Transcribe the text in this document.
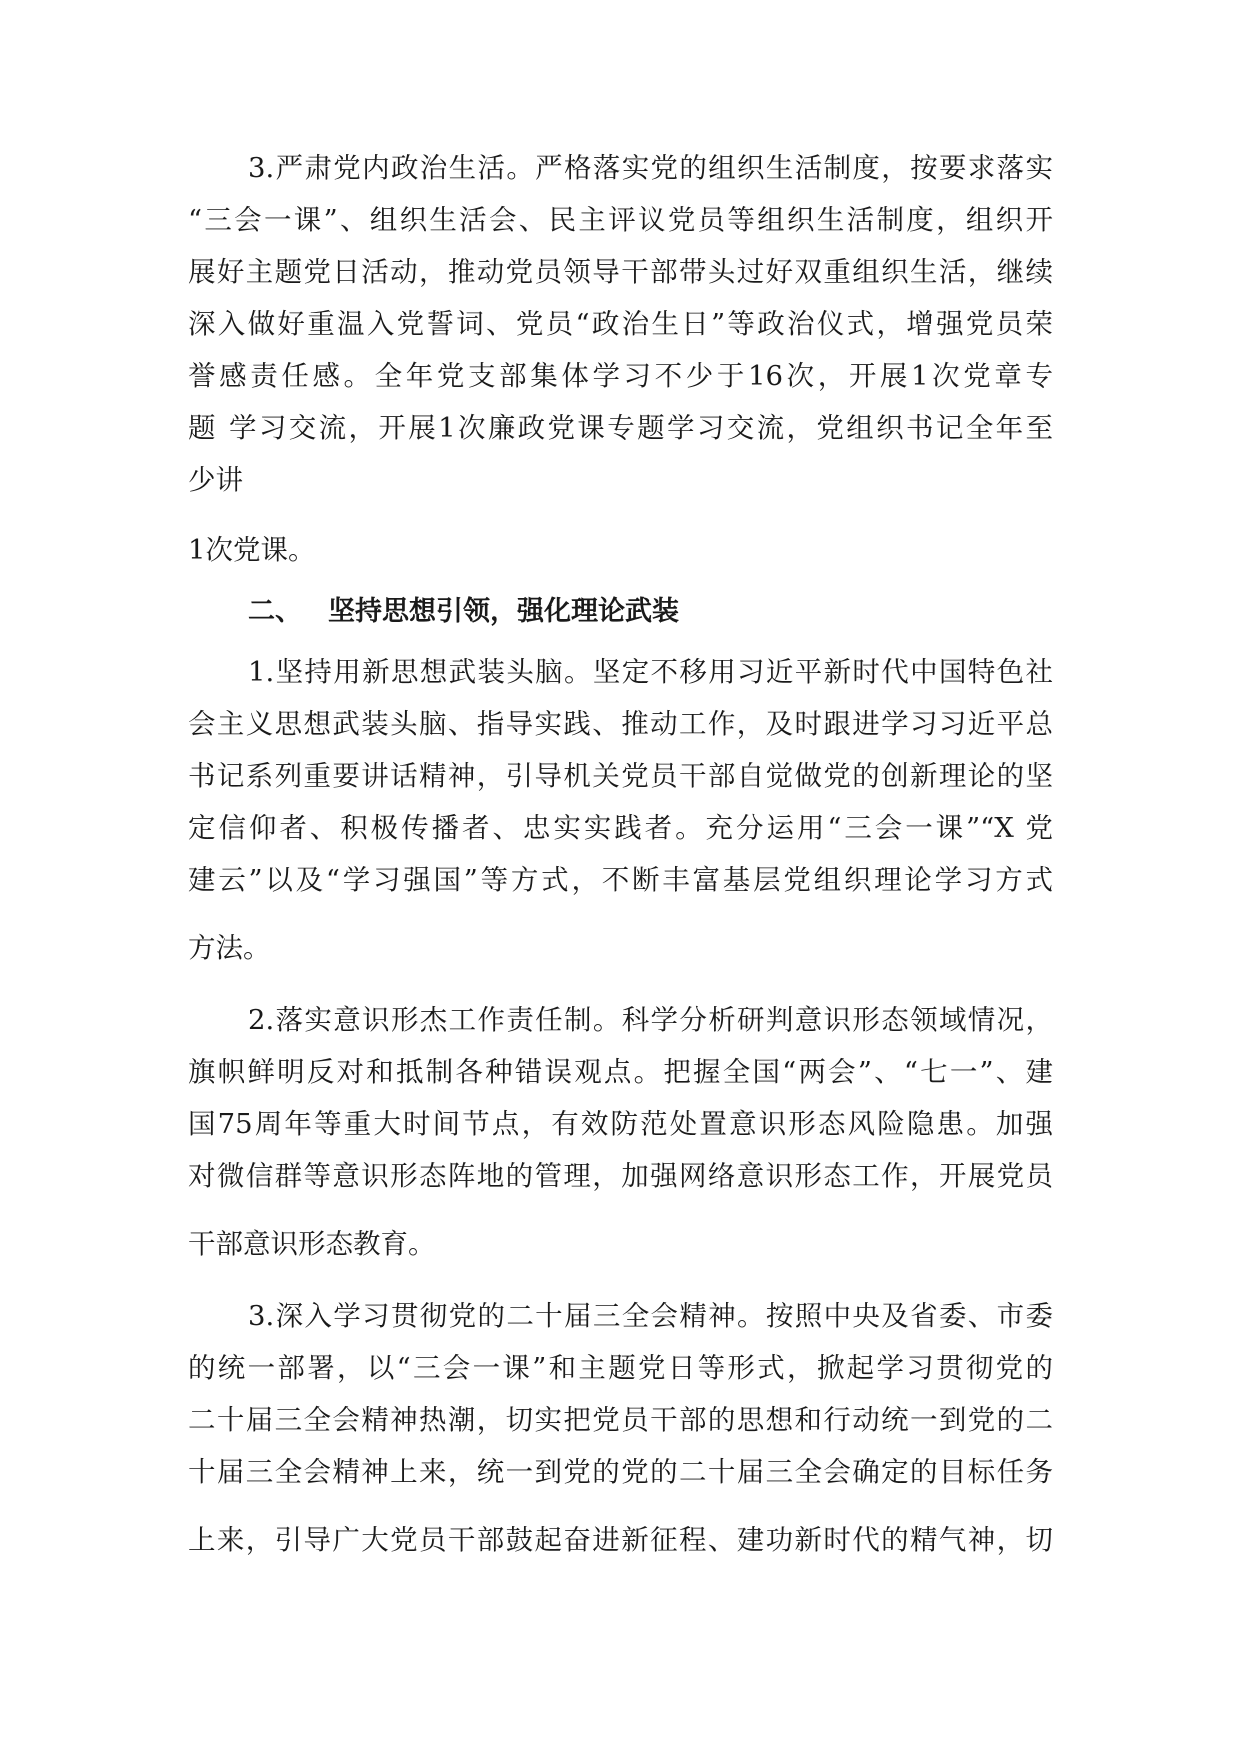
3.严肃党内政治生活。严格落实党的组织生活制度，按要求落实
“三会一课”、组织生活会、民主评议党员等组织生活制度，组织开
展好主题党日活动，推动党员领导干部带头过好双重组织生活，继续
深入做好重温入党誓词、党员“政治生日”等政治仪式，增强党员荣
誉感责任感。全年党支部集体学习不少于16次，开展1次党章专
题 学习交流，开展1次廉政党课专题学习交流，党组织书记全年至
少讲
1次党课。
二、 坚持思想引领，强化理论武装
1.坚持用新思想武装头脑。坚定不移用习近平新时代中国特色社
会主义思想武装头脑、指导实践、推动工作，及时跟进学习习近平总
书记系列重要讲话精神，引导机关党员干部自觉做党的创新理论的坚
定信仰者、积极传播者、忠实实践者。充分运用“三会一课”“X 党
建云”以及“学习强国”等方式，不断丰富基层党组织理论学习方式
方法。
2.落实意识形杰工作责任制。科学分析研判意识形态领域情况，
旗帜鲜明反对和抵制各种错误观点。把握全国“两会”、“七一”、建
国75周年等重大时间节点，有效防范处置意识形态风险隐患。加强
对微信群等意识形态阵地的管理，加强网络意识形态工作，开展党员
干部意识形态教育。
3.深入学习贯彻党的二十届三全会精神。按照中央及省委、市委
的统一部署，以“三会一课”和主题党日等形式，掀起学习贯彻党的
二十届三全会精神热潮，切实把党员干部的思想和行动统一到党的二
十届三全会精神上来，统一到党的党的二十届三全会确定的目标任务
上来，引导广大党员干部鼓起奋进新征程、建功新时代的精气神，切
